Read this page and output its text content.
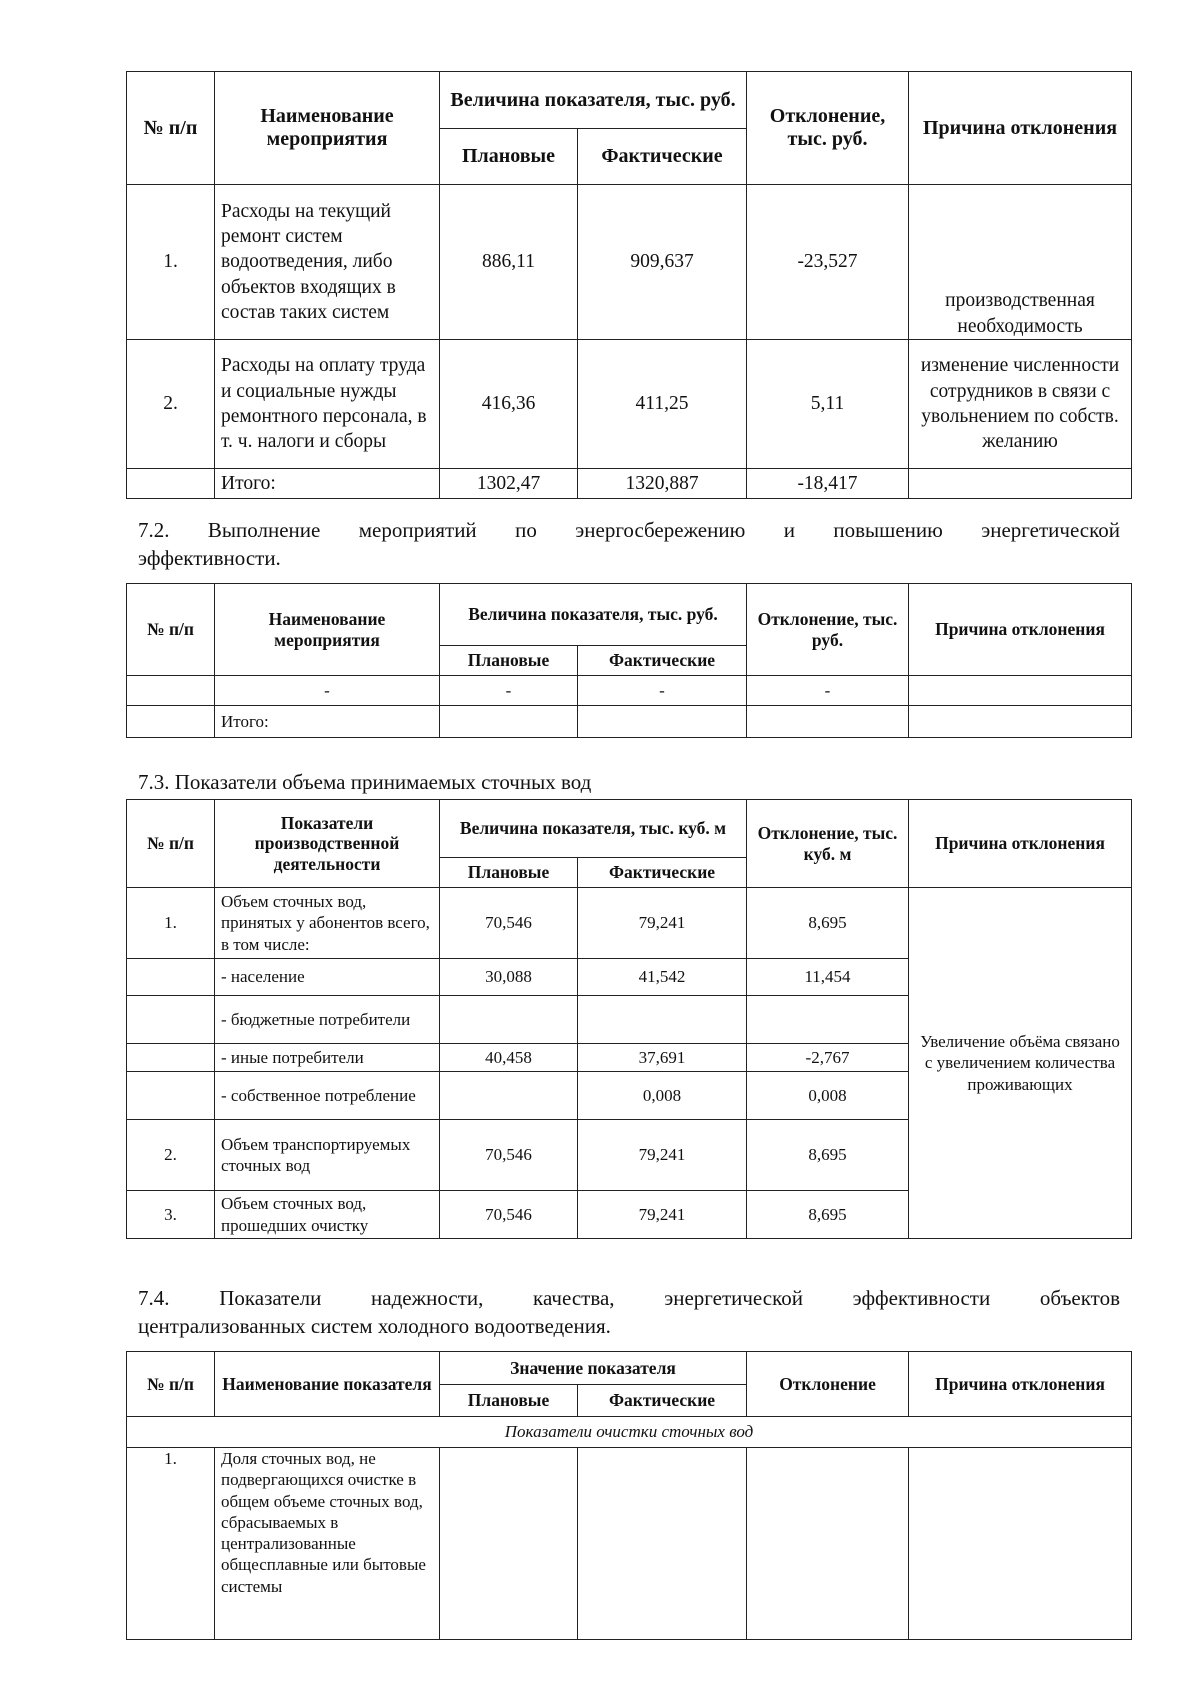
№ п/п	Наименование мероприятия	Величина показателя, тыс. руб.		Отклонение, тыс. руб.	Причина отклонения
		Плановые	Фактические		
1.	Расходы на текущий ремонт систем водоотведения, либо объектов входящих в состав таких систем	886,11	909,637	-23,527	производственная необходимость
2.	Расходы на оплату труда и социальные нужды ремонтного персонала, в т. ч. налоги и сборы	416,36	411,25	5,11	изменение численности сотрудников в связи с увольнением по собств. желанию
	Итого:	1302,47	1320,887	-18,417	
7.2. Выполнение мероприятий по энергосбережению и повышению энергетической
эффективности.
№ п/п	Наименование мероприятия	Величина показателя, тыс. руб.		Отклонение, тыс. руб.	Причина отклонения
		Плановые	Фактические		
	-	-	-	-	
	Итого:				
7.3. Показатели объема принимаемых сточных вод
№ п/п	Показатели производственной деятельности	Величина показателя, тыс. куб. м		Отклонение, тыс. куб. м	Причина отклонения
		Плановые	Фактические		
1.	Объем сточных вод, принятых у абонентов всего, в том числе:	70,546	79,241	8,695	Увеличение объёма связано с увеличением количества проживающих
	- население	30,088	41,542	11,454	
	- бюджетные потребители				
	- иные потребители	40,458	37,691	-2,767	
	- собственное потребление		0,008	0,008	
2.	Объем транспортируемых сточных вод	70,546	79,241	8,695	
3.	Объем сточных вод, прошедших очистку	70,546	79,241	8,695	
7.4. Показатели надежности, качества, энергетической эффективности объектов
централизованных систем холодного водоотведения.
№ п/п	Наименование показателя	Значение показателя		Отклонение	Причина отклонения
		Плановые	Фактические		
Показатели очистки сточных вод					
1.	Доля сточных вод, не подвергающихся очистке в общем объеме сточных вод, сбрасываемых в централизованные общесплавные или бытовые системы				
